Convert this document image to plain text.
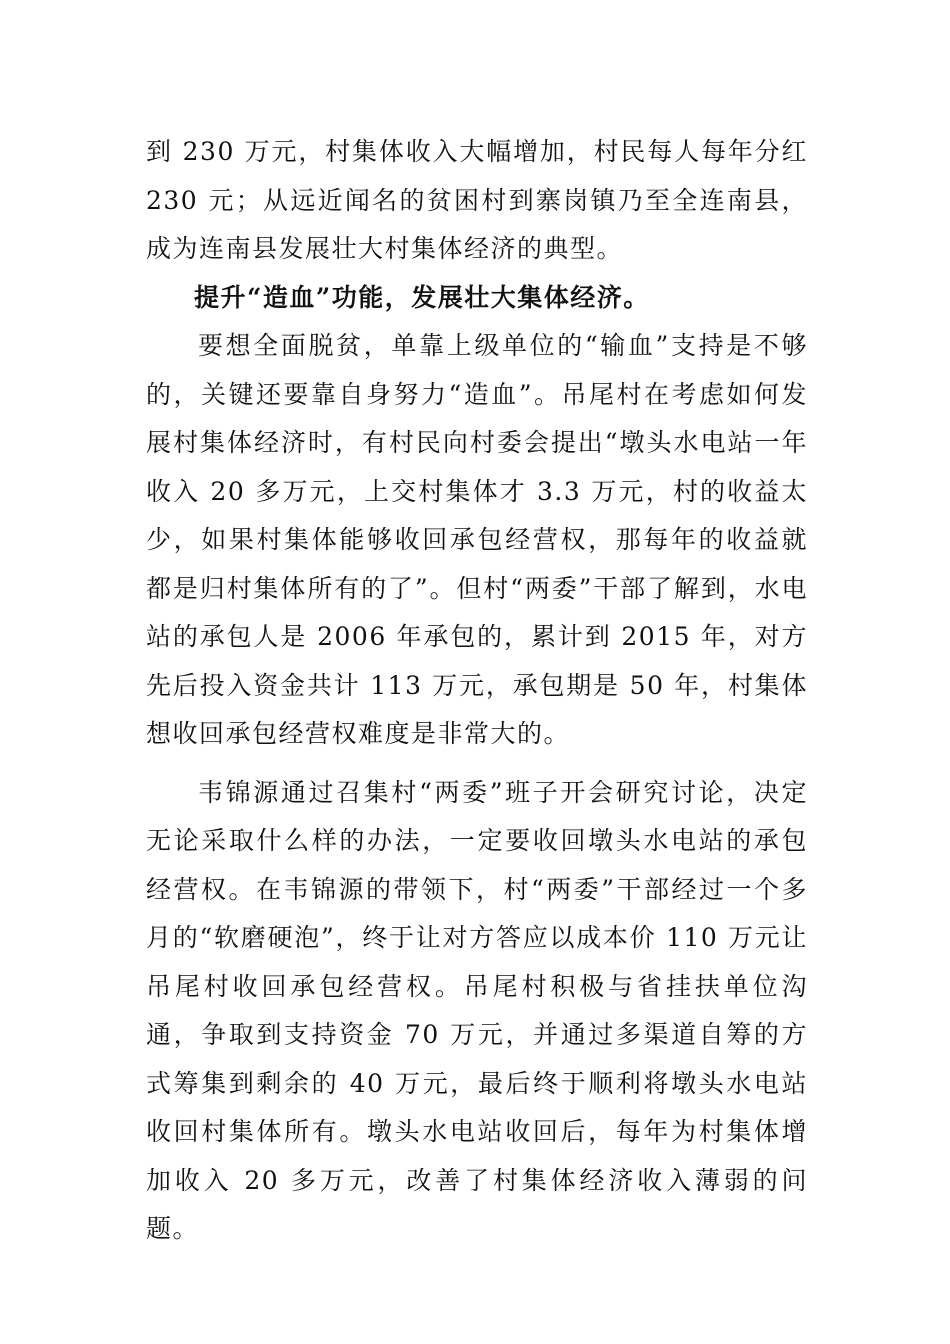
到 230 万元，村集体收入大幅增加，村民每人每年分红 230 元；从远近闻名的贫困村到寨岗镇乃至全连南县，成为连南县发展壮大村集体经济的典型。

提升“造血”功能，发展壮大集体经济。

要想全面脱贫，单靠上级单位的“输血”支持是不够的，关键还要靠自身努力“造血”。吊尾村在考虑如何发展村集体经济时，有村民向村委会提出“墩头水电站一年收入 20 多万元，上交村集体才 3.3 万元，村的收益太少，如果村集体能够收回承包经营权，那每年的收益就都是归村集体所有的了”。但村“两委”干部了解到，水电站的承包人是 2006 年承包的，累计到 2015 年，对方先后投入资金共计 113 万元，承包期是 50 年，村集体想收回承包经营权难度是非常大的。

韦锦源通过召集村“两委”班子开会研究讨论，决定无论采取什么样的办法，一定要收回墩头水电站的承包经营权。在韦锦源的带领下，村“两委”干部经过一个多月的“软磨硬泡”，终于让对方答应以成本价 110 万元让吊尾村收回承包经营权。吊尾村积极与省挂扶单位沟通，争取到支持资金 70 万元，并通过多渠道自筹的方式筹集到剩余的 40 万元，最后终于顺利将墩头水电站收回村集体所有。墩头水电站收回后，每年为村集体增加收入 20 多万元，改善了村集体经济收入薄弱的问题。
